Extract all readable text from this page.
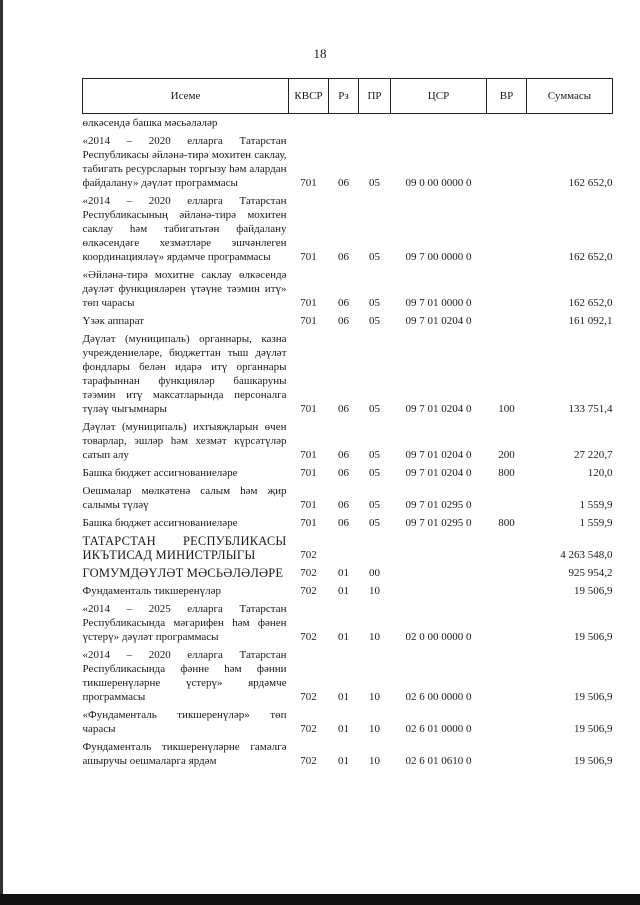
18
Исеме	КВСР	Рз	ПР	ЦСР	ВР	Суммасы
өлкәсендә башка мәсьәләләр						
«2014 – 2020 елларга Татарстан Республикасы әйләнә-тирә мохитен саклау, табигать ресурсларын торгызу һәм алардан файдалану» дәүләт программасы	701	06	05	09 0 00 0000 0		162 652,0
«2014 – 2020 елларга Татарстан Республикасының әйләнә-тирә мохитен саклау һәм табигатьтән файдалану өлкәсендәге хезмәтләре эшчәнлеген координацияләү» ярдәмче программасы	701	06	05	09 7 00 0000 0		162 652,0
«Әйләнә-тирә мохитне саклау өлкәсендә дәүләт функцияләрен үтәүне тәэмин итү» төп чарасы	701	06	05	09 7 01 0000 0		162 652,0
Үзәк аппарат	701	06	05	09 7 01 0204 0		161 092,1
Дәүләт (муниципаль) органнары, казна учреждениеләре, бюджеттан тыш дәүләт фондлары белән идарә итү органнары тарафыннан функцияләр башкаруны тәэмин итү максатларында персоналга түләү чыгымнары	701	06	05	09 7 01 0204 0	100	133 751,4
Дәүләт (муниципаль) ихтыяҗларын өчен товарлар, эшләр һәм хезмәт күрсәтүләр сатып алу	701	06	05	09 7 01 0204 0	200	27 220,7
Башка бюджет ассигнованиеләре	701	06	05	09 7 01 0204 0	800	120,0
Оешмалар мөлкәтенә салым һәм җир салымы түләү	701	06	05	09 7 01 0295 0		1 559,9
Башка бюджет ассигнованиеләре	701	06	05	09 7 01 0295 0	800	1 559,9
ТАТАРСТАН РЕСПУБЛИКАСЫ ИКЪТИСАД МИНИСТРЛЫГЫ	702					4 263 548,0
ГОМУМДӘҮЛӘТ МӘСЬӘЛӘЛӘРЕ	702	01	00			925 954,2
Фундаменталь тикшеренүләр	702	01	10			19 506,9
«2014 – 2025 елларга Татарстан Республикасында мәгарифен һәм фәнен үстерү» дәүләт программасы	702	01	10	02 0 00 0000 0		19 506,9
«2014 – 2020 елларга Татарстан Республикасында фәнне һәм фәнни тикшеренүләрне үстерү» ярдәмче программасы	702	01	10	02 6 00 0000 0		19 506,9
«Фундаменталь тикшеренүләр» төп чарасы	702	01	10	02 6 01 0000 0		19 506,9
Фундаменталь тикшеренүләрне гамәлгә ашыручы оешмаларга ярдәм	702	01	10	02 6 01 0610 0		19 506,9
